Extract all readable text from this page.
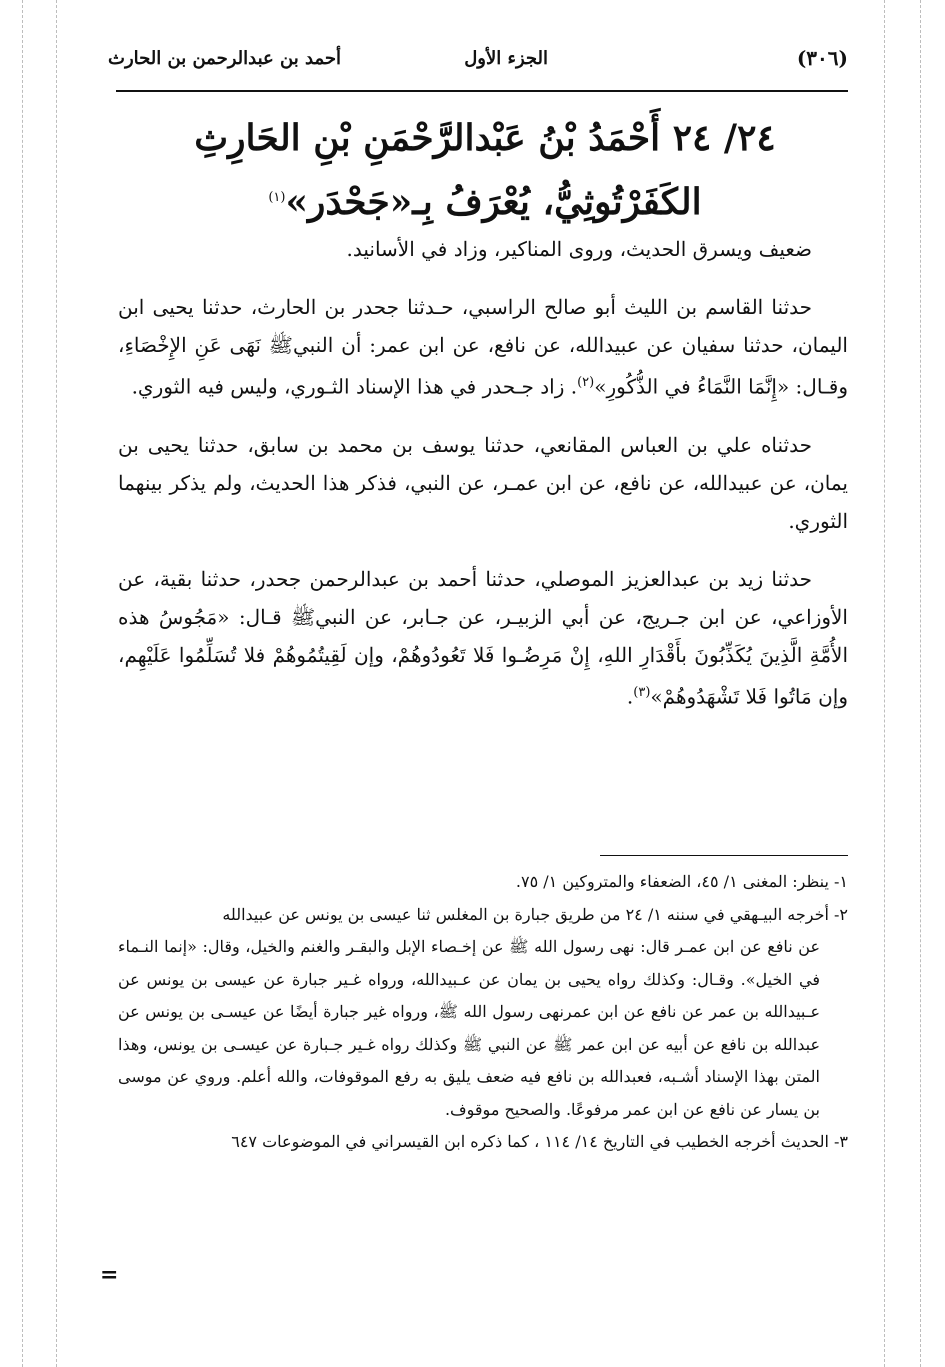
(٣٠٦)
الجزء الأول
أحمد بن عبدالرحمن بن الحارث
٢٤/ ٢٤ أَحْمَدُ بْنُ عَبْدالرَّحْمَنِ بْنِ الحَارِثِ الكَفَرْتُوثِيُّ، يُعْرَفُ بِـ«جَحْدَر»$^{(١)}$

ضعيف ويسرق الحديث، وروى المناكير، وزاد في الأسانيد.

حدثنا القاسم بن الليث أبو صالح الراسبي، حـدثنا جحدر بن الحارث، حدثنا يحيى ابن اليمان، حدثنا سفيان عن عبيدالله، عن نافع، عن ابن عمر: أن النبيﷺ نَهَى عَنِ الإِخْصَاءِ، وقـال: «إِنَّمَا النَّمَاءُ في الذُّكُورِ»$^{(٢)}$. زاد جـحدر في هذا الإسناد الثـوري، وليس فيه الثوري.

حدثناه علي بن العباس المقانعي، حدثنا يوسف بن محمد بن سابق، حدثنا يحيى بن يمان، عن عبيدالله، عن نافع، عن ابن عمـر، عن النبي، فذكر هذا الحديث، ولم يذكر بينهما الثوري.

حدثنا زيد بن عبدالعزيز الموصلي، حدثنا أحمد بن عبدالرحمن جحدر، حدثنا بقية، عن الأوزاعي، عن ابن جـريج، عن أبي الزبيـر، عن جـابر، عن النبيﷺ قـال: «مَجُوسُ هذه الأُمَّةِ الَّذِينَ يُكَذِّبُونَ بأَقْدَارِ اللهِ، إِنْ مَرِضُـوا فَلا تَعُودُوهُمْ، وإن لَقِيتُمُوهُمْ فلا تُسَلِّمُوا عَلَيْهِم، وإن مَاتُوا فَلا تَشْهَدُوهُمْ»$^{(٣)}$.

١- ينظر: المغنى ١/ ٤٥، الضعفاء والمتروكين ١/ ٧٥.

٢- أخرجه البيـهقي في سننه ١/ ٢٤ من طريق جبارة بن المغلس ثنا عيسى بن يونس عن عبيدالله

عن نافع عن ابن عمـر قال: نهى رسول الله ﷺ عن إخـصاء الإبل والبقـر والغنم والخيل، وقال: «إنما النـماء في الخيل». وقـال: وكذلك رواه يحيى بن يمان عن عـبيدالله، ورواه غـير جبارة عن عيسى بن يونس عن عـبيدالله بن عمر عن نافع عن ابن عمرنهى رسول الله ﷺ، ورواه غير جبارة أيضًا عن عيسـى بن يونس عن عبدالله بن نافع عن أبيه عن ابن عمر ﷺ عن النبي ﷺ وكذلك رواه غـير جـبارة عن عيسـى بن يونس، وهذا المتن بهذا الإسناد أشـبه، فعبدالله بن نافع فيه ضعف يليق به رفع الموقوفات، والله أعلم. وروي عن موسى بن يسار عن نافع عن ابن عمر مرفوعًا. والصحيح موقوف.

٣- الحديث أخرجه الخطيب في التاريخ ١٤/ ١١٤ ، كما ذكره ابن القيسراني في الموضوعات ٦٤٧

=
